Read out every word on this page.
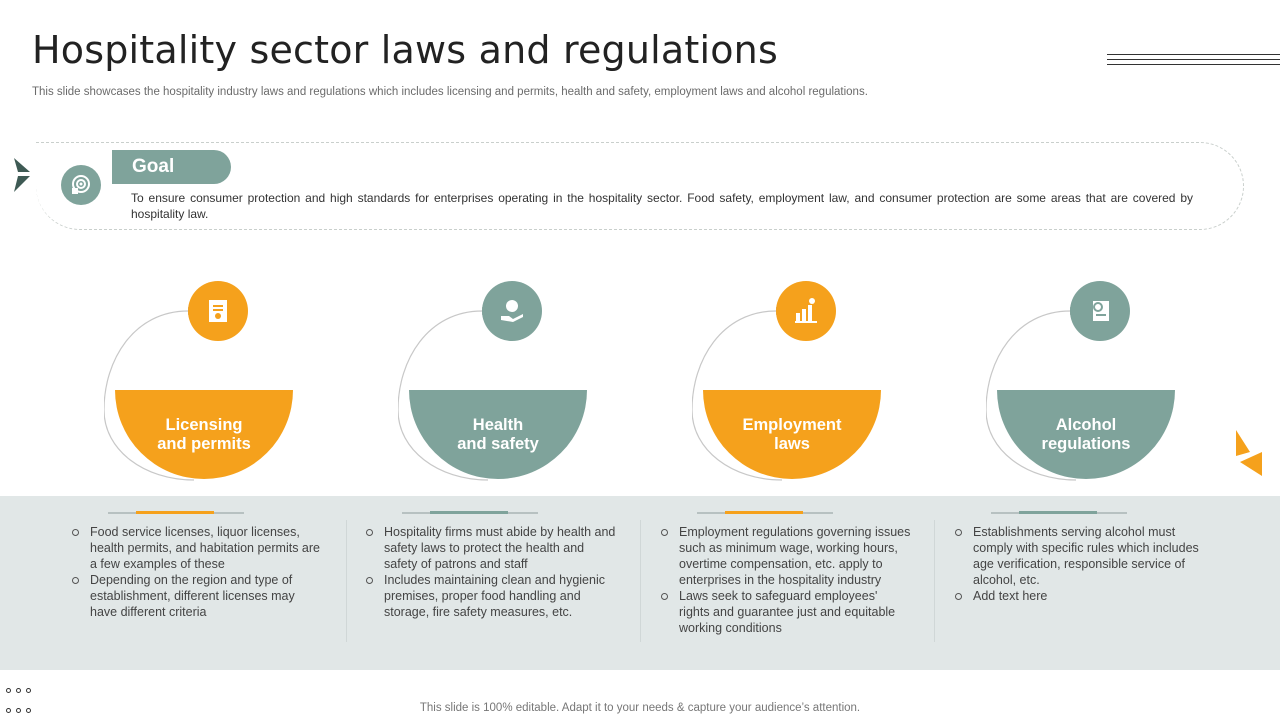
Hospitality sector laws and regulations
This slide showcases the hospitality industry laws and regulations which includes licensing and permits, health and safety, employment laws and alcohol regulations.
Goal
To ensure consumer protection and high standards for enterprises operating in the hospitality sector. Food safety, employment law, and consumer protection are some areas that are covered by hospitality law.
Licensing
and permits
Health
and safety
Employment
laws
Alcohol
regulations
Food service licenses, liquor licenses, health permits, and habitation permits are a few examples of these
Depending on the region and type of establishment, different licenses may have different criteria
Hospitality firms must abide by health and safety laws to protect the health and safety of patrons and staff
Includes maintaining clean and hygienic premises, proper food handling and storage, fire safety measures, etc.
Employment regulations governing issues such as minimum wage, working hours, overtime compensation, etc. apply to enterprises in the hospitality industry
Laws seek to safeguard employees' rights and guarantee just and equitable working conditions
Establishments serving alcohol must comply with specific rules which includes age verification, responsible service of alcohol, etc.
Add text here

This slide is 100% editable. Adapt it to your needs & capture your audience’s attention.
